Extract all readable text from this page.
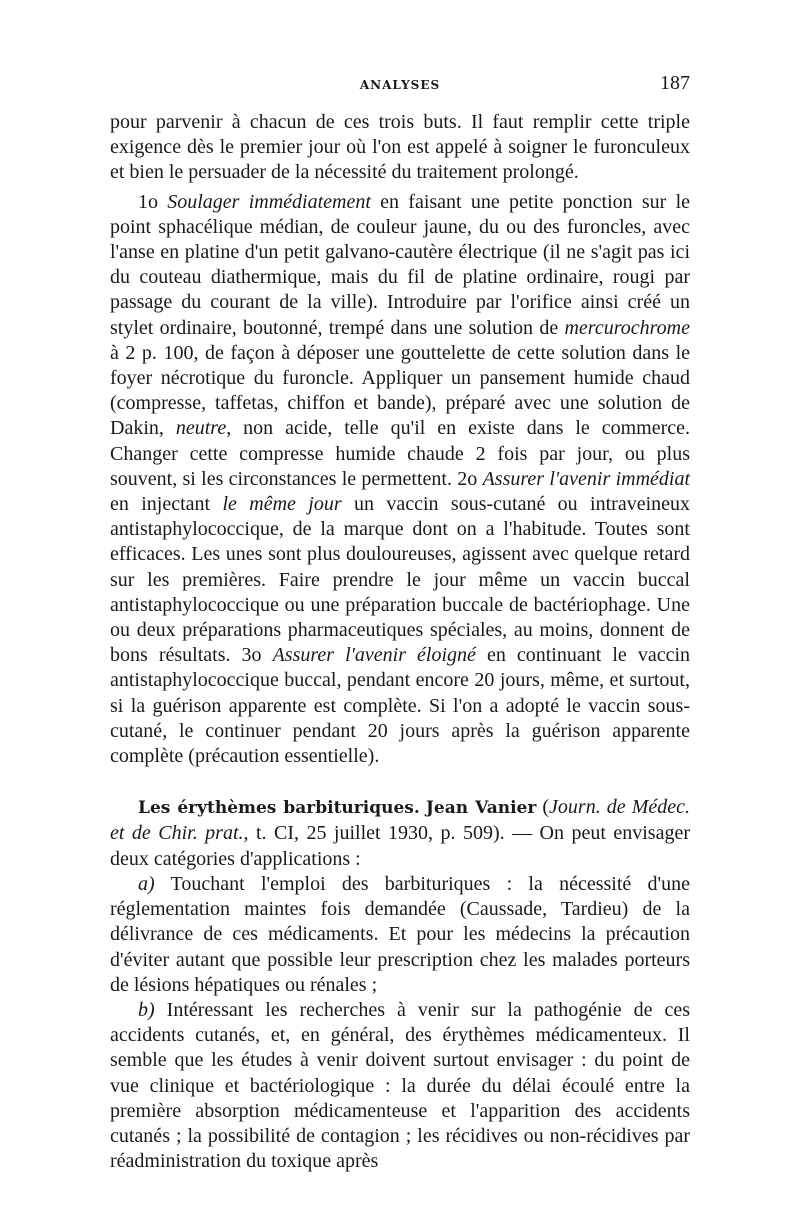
ANALYSES	187

pour parvenir à chacun de ces trois buts. Il faut remplir cette triple exigence dès le premier jour où l'on est appelé à soigner le furonculeux et bien le persuader de la nécessité du traitement prolongé.

1o Soulager immédiatement en faisant une petite ponction sur le point sphacélique médian, de couleur jaune, du ou des furoncles, avec l'anse en platine d'un petit galvano-cautère électrique (il ne s'agit pas ici du couteau diathermique, mais du fil de platine ordinaire, rougi par passage du courant de la ville). Introduire par l'orifice ainsi créé un stylet ordinaire, boutonné, trempé dans une solution de mercurochrome à 2 p. 100, de façon à déposer une gouttelette de cette solution dans le foyer nécrotique du furoncle. Appliquer un pansement humide chaud (compresse, taffetas, chiffon et bande), préparé avec une solution de Dakin, neutre, non acide, telle qu'il en existe dans le commerce. Changer cette compresse humide chaude 2 fois par jour, ou plus souvent, si les circonstances le permettent. 2o Assurer l'avenir immédiat en injectant le même jour un vaccin sous-cutané ou intraveineux antistaphylococcique, de la marque dont on a l'habitude. Toutes sont efficaces. Les unes sont plus douloureuses, agissent avec quelque retard sur les premières. Faire prendre le jour même un vaccin buccal antistaphylococcique ou une préparation buccale de bactériophage. Une ou deux préparations pharmaceutiques spéciales, au moins, donnent de bons résultats. 3o Assurer l'avenir éloigné en continuant le vaccin antistaphylococcique buccal, pendant encore 20 jours, même, et surtout, si la guérison apparente est complète. Si l'on a adopté le vaccin sous-cutané, le continuer pendant 20 jours après la guérison apparente complète (précaution essentielle).

Les érythèmes barbituriques. Jean Vanier (Journ. de Médec. et de Chir. prat., t. CI, 25 juillet 1930, p. 509). — On peut envisager deux catégories d'applications :

a) Touchant l'emploi des barbituriques : la nécessité d'une réglementation maintes fois demandée (Caussade, Tardieu) de la délivrance de ces médicaments. Et pour les médecins la précaution d'éviter autant que possible leur prescription chez les malades porteurs de lésions hépatiques ou rénales ;

b) Intéressant les recherches à venir sur la pathogénie de ces accidents cutanés, et, en général, des érythèmes médicamenteux. Il semble que les études à venir doivent surtout envisager : du point de vue clinique et bactériologique : la durée du délai écoulé entre la première absorption médicamenteuse et l'apparition des accidents cutanés ; la possibilité de contagion ; les récidives ou non-récidives par réadministration du toxique après
